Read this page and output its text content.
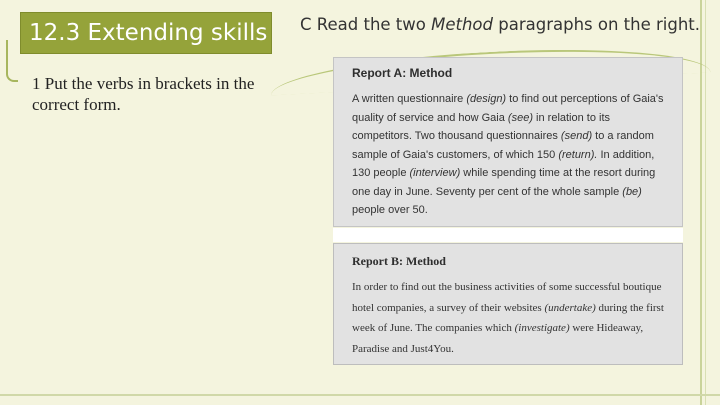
12.3 Extending skills C Read the two Method paragraphs on the right.
1 Put the verbs in brackets in the correct form.
Report A: Method
A written questionnaire (design) to find out perceptions of Gaia's quality of service and how Gaia (see) in relation to its competitors. Two thousand questionnaires (send) to a random sample of Gaia's customers, of which 150 (return). In addition, 130 people (interview) while spending time at the resort during one day in June. Seventy per cent of the whole sample (be) people over 50.
Report B: Method
In order to find out the business activities of some successful boutique hotel companies, a survey of their websites (undertake) during the first week of June. The companies which (investigate) were Hideaway, Paradise and Just4You.
